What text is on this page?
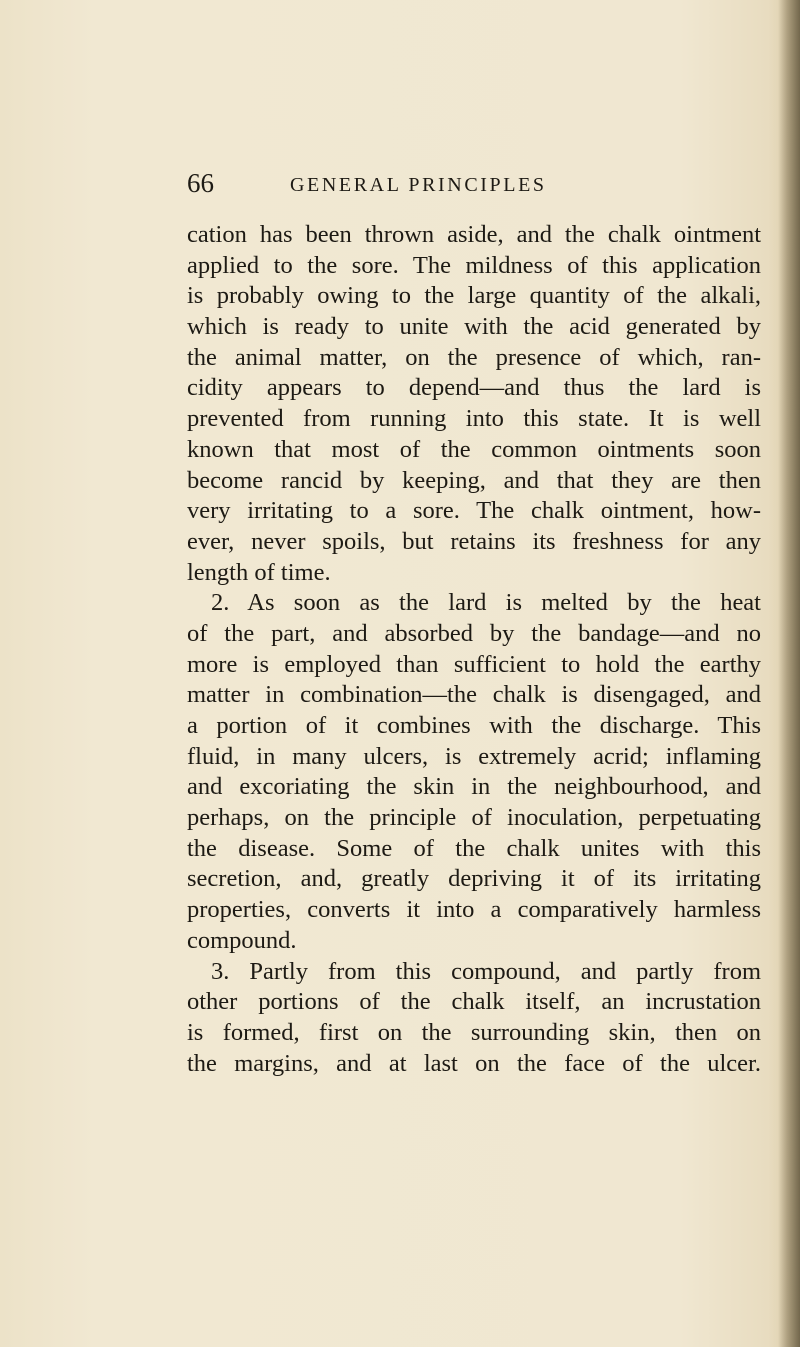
66	GENERAL PRINCIPLES
cation has been thrown aside, and the chalk ointment
applied to the sore. The mildness of this application
is probably owing to the large quantity of the alkali,
which is ready to unite with the acid generated by
the animal matter, on the presence of which, ran-
cidity appears to depend—and thus the lard is
prevented from running into this state. It is well
known that most of the common ointments soon
become rancid by keeping, and that they are then
very irritating to a sore. The chalk ointment, how-
ever, never spoils, but retains its freshness for any
length of time.
2. As soon as the lard is melted by the heat
of the part, and absorbed by the bandage—and no
more is employed than sufficient to hold the earthy
matter in combination—the chalk is disengaged, and
a portion of it combines with the discharge. This
fluid, in many ulcers, is extremely acrid; inflaming
and excoriating the skin in the neighbourhood, and
perhaps, on the principle of inoculation, perpetuating
the disease. Some of the chalk unites with this
secretion, and, greatly depriving it of its irritating
properties, converts it into a comparatively harmless
compound.
3. Partly from this compound, and partly from
other portions of the chalk itself, an incrustation
is formed, first on the surrounding skin, then on
the margins, and at last on the face of the ulcer.
